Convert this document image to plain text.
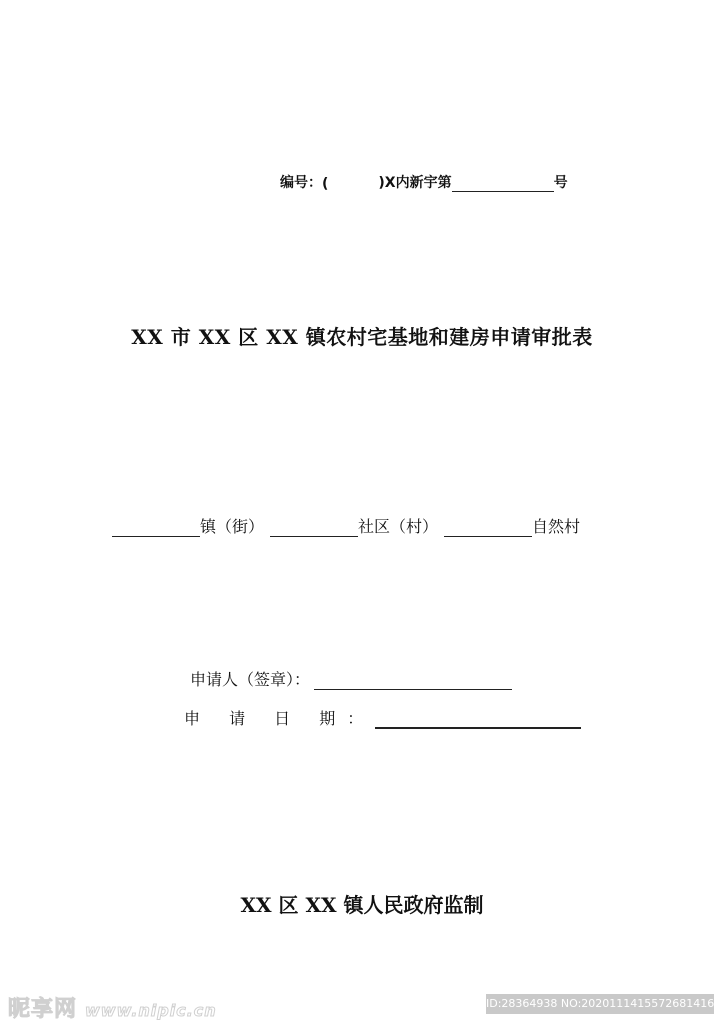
编号： (	)X内新宇第	号
XX 市 XX 区 XX 镇农村宅基地和建房申请审批表
镇（街）	社区（村）	自然村
申请人（签章）：
申 请 日 期：
XX 区 XX 镇人民政府监制
昵享网 www.nipic.cn	ID:28364938 NO:20201114155726814162
